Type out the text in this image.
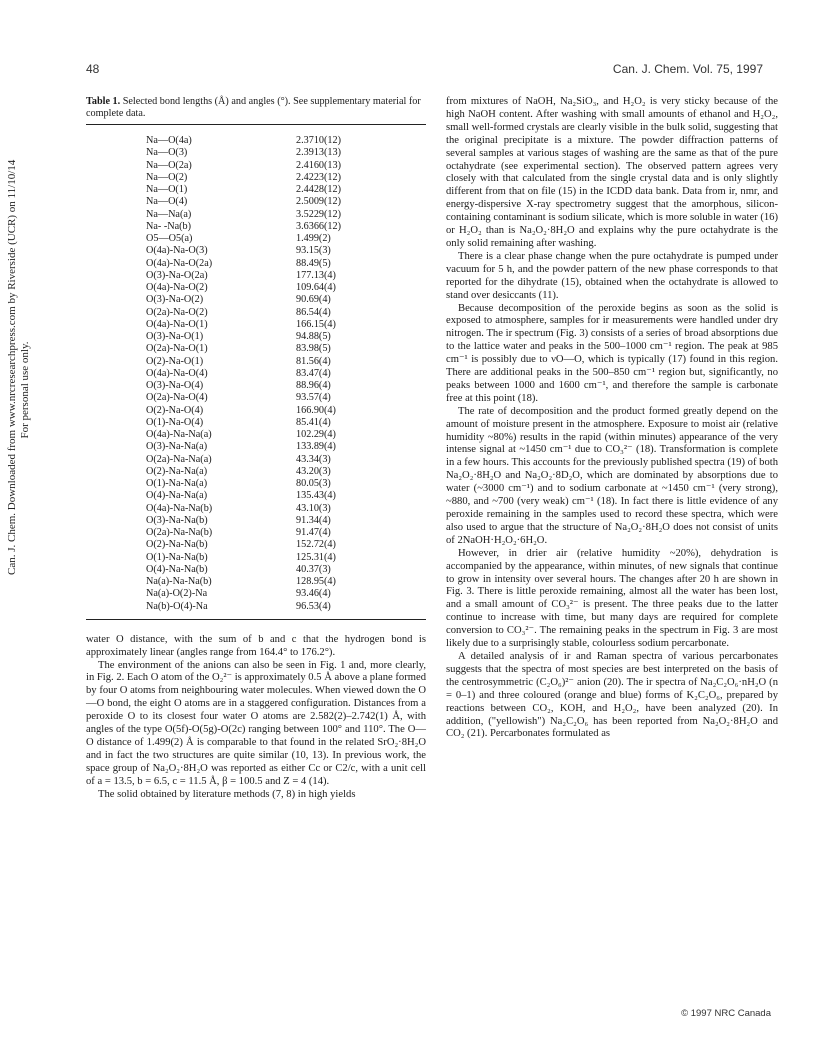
48	Can. J. Chem. Vol. 75, 1997
Can. J. Chem. Downloaded from www.nrcresearchpress.com by Riverside (UCR) on 11/10/14 For personal use only.

Table 1. Selected bond lengths (Å) and angles (°). See supplementary material for complete data.

Na—O(4a)	2.3710(12)
Na—O(3)	2.3913(13)
Na—O(2a)	2.4160(13)
Na—O(2)	2.4223(12)
Na—O(1)	2.4428(12)
Na—O(4)	2.5009(12)
Na—Na(a)	3.5229(12)
Na- -Na(b)	3.6366(12)
O5—O5(a)	1.499(2)
O(4a)-Na-O(3)	93.15(3)
O(4a)-Na-O(2a)	88.49(5)
O(3)-Na-O(2a)	177.13(4)
O(4a)-Na-O(2)	109.64(4)
O(3)-Na-O(2)	90.69(4)
O(2a)-Na-O(2)	86.54(4)
O(4a)-Na-O(1)	166.15(4)
O(3)-Na-O(1)	94.88(5)
O(2a)-Na-O(1)	83.98(5)
O(2)-Na-O(1)	81.56(4)
O(4a)-Na-O(4)	83.47(4)
O(3)-Na-O(4)	88.96(4)
O(2a)-Na-O(4)	93.57(4)
O(2)-Na-O(4)	166.90(4)
O(1)-Na-O(4)	85.41(4)
O(4a)-Na-Na(a)	102.29(4)
O(3)-Na-Na(a)	133.89(4)
O(2a)-Na-Na(a)	43.34(3)
O(2)-Na-Na(a)	43.20(3)
O(1)-Na-Na(a)	80.05(3)
O(4)-Na-Na(a)	135.43(4)
O(4a)-Na-Na(b)	43.10(3)
O(3)-Na-Na(b)	91.34(4)
O(2a)-Na-Na(b)	91.47(4)
O(2)-Na-Na(b)	152.72(4)
O(1)-Na-Na(b)	125.31(4)
O(4)-Na-Na(b)	40.37(3)
Na(a)-Na-Na(b)	128.95(4)
Na(a)-O(2)-Na	93.46(4)
Na(b)-O(4)-Na	96.53(4)

water O distance, with the sum of b and c that the hydrogen bond is approximately linear (angles range from 164.4° to 176.2°).

The environment of the anions can also be seen in Fig. 1 and, more clearly, in Fig. 2. Each O atom of the O₂²⁻ is approximately 0.5 Å above a plane formed by four O atoms from neighbouring water molecules. When viewed down the O—O bond, the eight O atoms are in a staggered configuration. Distances from a peroxide O to its closest four water O atoms are 2.582(2)–2.742(1) Å, with angles of the type O(5f)-O(5g)-O(2c) ranging between 100° and 110°. The O—O distance of 1.499(2) Å is comparable to that found in the related SrO₂·8H₂O and in fact the two structures are quite similar (10, 13). In previous work, the space group of Na₂O₂·8H₂O was reported as either Cc or C2/c, with a unit cell of a = 13.5, b = 6.5, c = 11.5 Å, β = 100.5 and Z = 4 (14).

The solid obtained by literature methods (7, 8) in high yields

from mixtures of NaOH, Na₂SiO₃, and H₂O₂ is very sticky because of the high NaOH content. After washing with small amounts of ethanol and H₂O₂, small well-formed crystals are clearly visible in the bulk solid, suggesting that the original precipitate is a mixture. The powder diffraction patterns of several samples at various stages of washing are the same as that of the pure octahydrate (see experimental section). The observed pattern agrees very closely with that calculated from the single crystal data and is only slightly different from that on file (15) in the ICDD data bank. Data from ir, nmr, and energy-dispersive X-ray spectrometry suggest that the amorphous, silicon-containing contaminant is sodium silicate, which is more soluble in water (16) or H₂O₂ than is Na₂O₂·8H₂O and explains why the pure octahydrate is the only solid remaining after washing.

There is a clear phase change when the pure octahydrate is pumped under vacuum for 5 h, and the powder pattern of the new phase corresponds to that reported for the dihydrate (15), obtained when the octahydrate is allowed to stand over desiccants (11).

Because decomposition of the peroxide begins as soon as the solid is exposed to atmosphere, samples for ir measurements were handled under dry nitrogen. The ir spectrum (Fig. 3) consists of a series of broad absorptions due to the lattice water and peaks in the 500–1000 cm⁻¹ region. The peak at 985 cm⁻¹ is possibly due to νO—O, which is typically (17) found in this region. There are additional peaks in the 500–850 cm⁻¹ region but, significantly, no peaks between 1000 and 1600 cm⁻¹, and therefore the sample is carbonate free at this point (18).

The rate of decomposition and the product formed greatly depend on the amount of moisture present in the atmosphere. Exposure to moist air (relative humidity ~80%) results in the rapid (within minutes) appearance of the very intense signal at ~1450 cm⁻¹ due to CO₃²⁻ (18). Transformation is complete in a few hours. This accounts for the previously published spectra (19) of both Na₂O₂·8H₂O and Na₂O₂·8D₂O, which are dominated by absorptions due to water (~3000 cm⁻¹) and to sodium carbonate at ~1450 cm⁻¹ (very strong), ~880, and ~700 (very weak) cm⁻¹ (18). In fact there is little evidence of any peroxide remaining in the samples used to record these spectra, which were also used to argue that the structure of Na₂O₂·8H₂O does not consist of units of 2NaOH·H₂O₂·6H₂O.

However, in drier air (relative humidity ~20%), dehydration is accompanied by the appearance, within minutes, of new signals that continue to grow in intensity over several hours. The changes after 20 h are shown in Fig. 3. There is little peroxide remaining, almost all the water has been lost, and a small amount of CO₃²⁻ is present. The three peaks due to the latter continue to increase with time, but many days are required for complete conversion to CO₃²⁻. The remaining peaks in the spectrum in Fig. 3 are most likely due to a surprisingly stable, colourless sodium percarbonate.

A detailed analysis of ir and Raman spectra of various percarbonates suggests that the spectra of most species are best interpreted on the basis of the centrosymmetric (C₂O₆)²⁻ anion (20). The ir spectra of Na₂C₂O₆·nH₂O (n = 0–1) and three coloured (orange and blue) forms of K₂C₂O₆, prepared by reactions between CO₂, KOH, and H₂O₂, have been analyzed (20). In addition, ("yellowish") Na₂C₂O₆ has been reported from Na₂O₂·8H₂O and CO₂ (21). Percarbonates formulated as

© 1997 NRC Canada
